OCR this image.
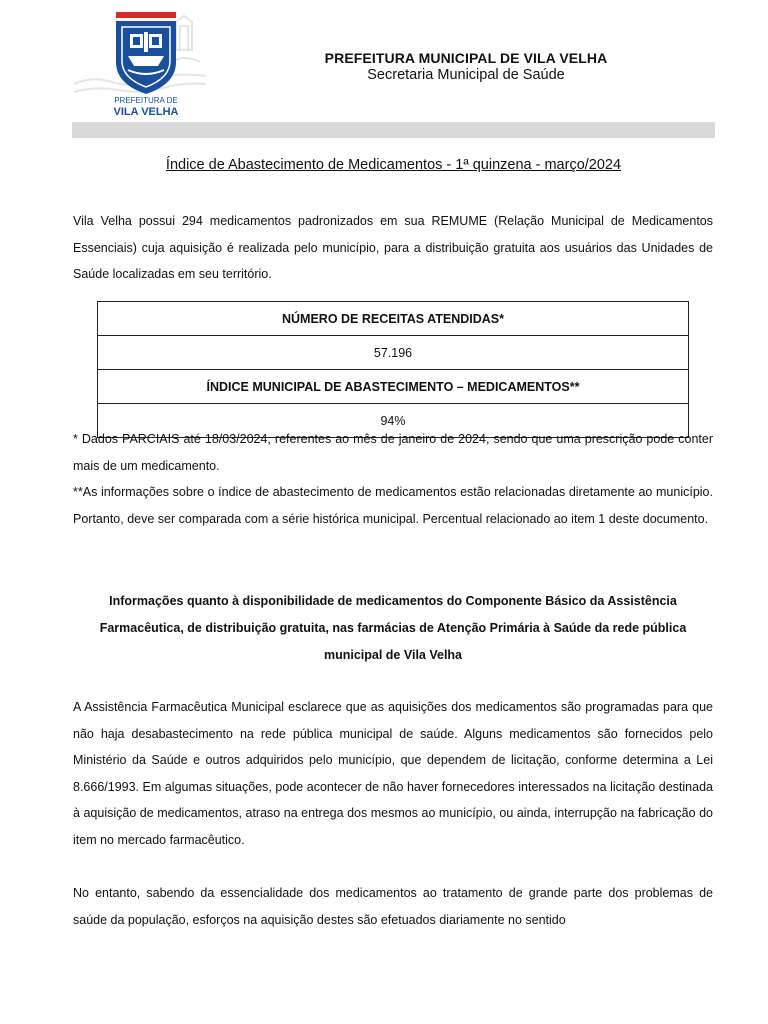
PREFEITURA DE
VILA VELHA
PREFEITURA MUNICIPAL DE VILA VELHA
Secretaria Municipal de Saúde
Índice de Abastecimento de Medicamentos - 1ª quinzena - março/2024

Vila Velha possui 294 medicamentos padronizados em sua REMUME (Relação Municipal de Medicamentos Essenciais) cuja aquisição é realizada pelo município, para a distribuição gratuita aos usuários das Unidades de Saúde localizadas em seu território.

NÚMERO DE RECEITAS ATENDIDAS*
57.196
ÍNDICE MUNICIPAL DE ABASTECIMENTO – MEDICAMENTOS**
94%

* Dados PARCIAIS até 18/03/2024, referentes ao mês de janeiro de 2024, sendo que uma prescrição pode conter mais de um medicamento.

**As informações sobre o índice de abastecimento de medicamentos estão relacionadas diretamente ao município. Portanto, deve ser comparada com a série histórica municipal. Percentual relacionado ao item 1 deste documento.

Informações quanto à disponibilidade de medicamentos do Componente Básico da Assistência Farmacêutica, de distribuição gratuita, nas farmácias de Atenção Primária à Saúde da rede pública municipal de Vila Velha

A Assistência Farmacêutica Municipal esclarece que as aquisições dos medicamentos são programadas para que não haja desabastecimento na rede pública municipal de saúde. Alguns medicamentos são fornecidos pelo Ministério da Saúde e outros adquiridos pelo município, que dependem de licitação, conforme determina a Lei 8.666/1993. Em algumas situações, pode acontecer de não haver fornecedores interessados na licitação destinada à aquisição de medicamentos, atraso na entrega dos mesmos ao município, ou ainda, interrupção na fabricação do item no mercado farmacêutico.

No entanto, sabendo da essencialidade dos medicamentos ao tratamento de grande parte dos problemas de saúde da população, esforços na aquisição destes são efetuados diariamente no sentido
